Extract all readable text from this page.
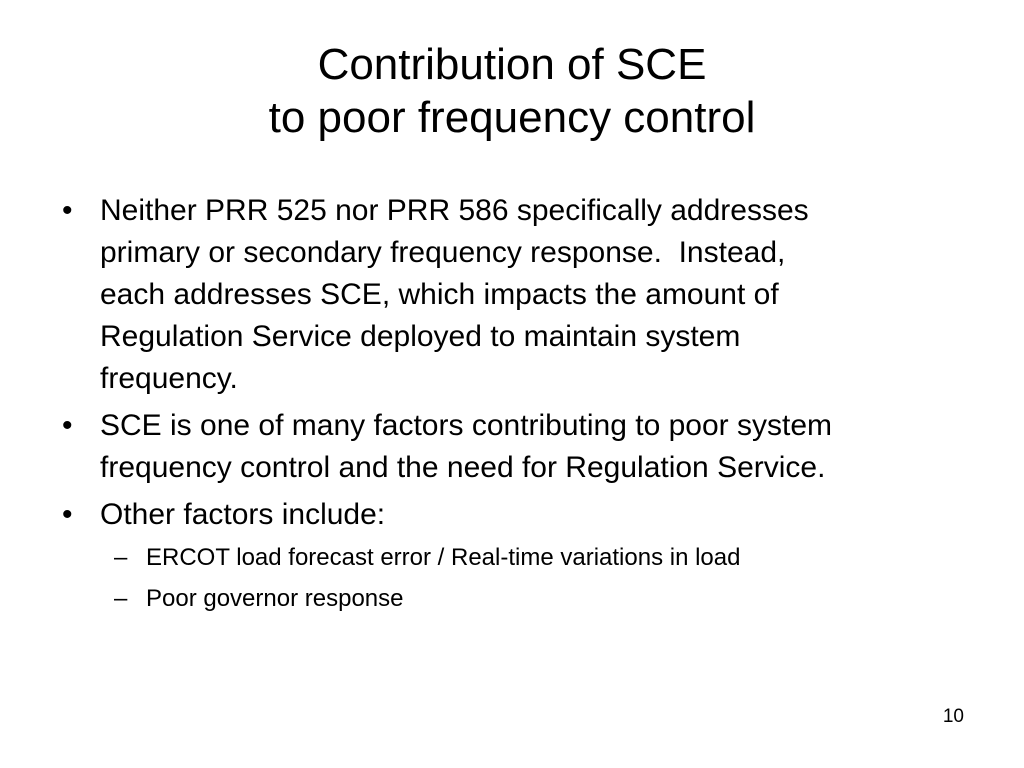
Contribution of SCE
to poor frequency control
• Neither PRR 525 nor PRR 586 specifically addresses
primary or secondary frequency response.  Instead,
each addresses SCE, which impacts the amount of
Regulation Service deployed to maintain system
frequency.
• SCE is one of many factors contributing to poor system
frequency control and the need for Regulation Service.
• Other factors include:
– ERCOT load forecast error / Real-time variations in load
– Poor governor response
10
